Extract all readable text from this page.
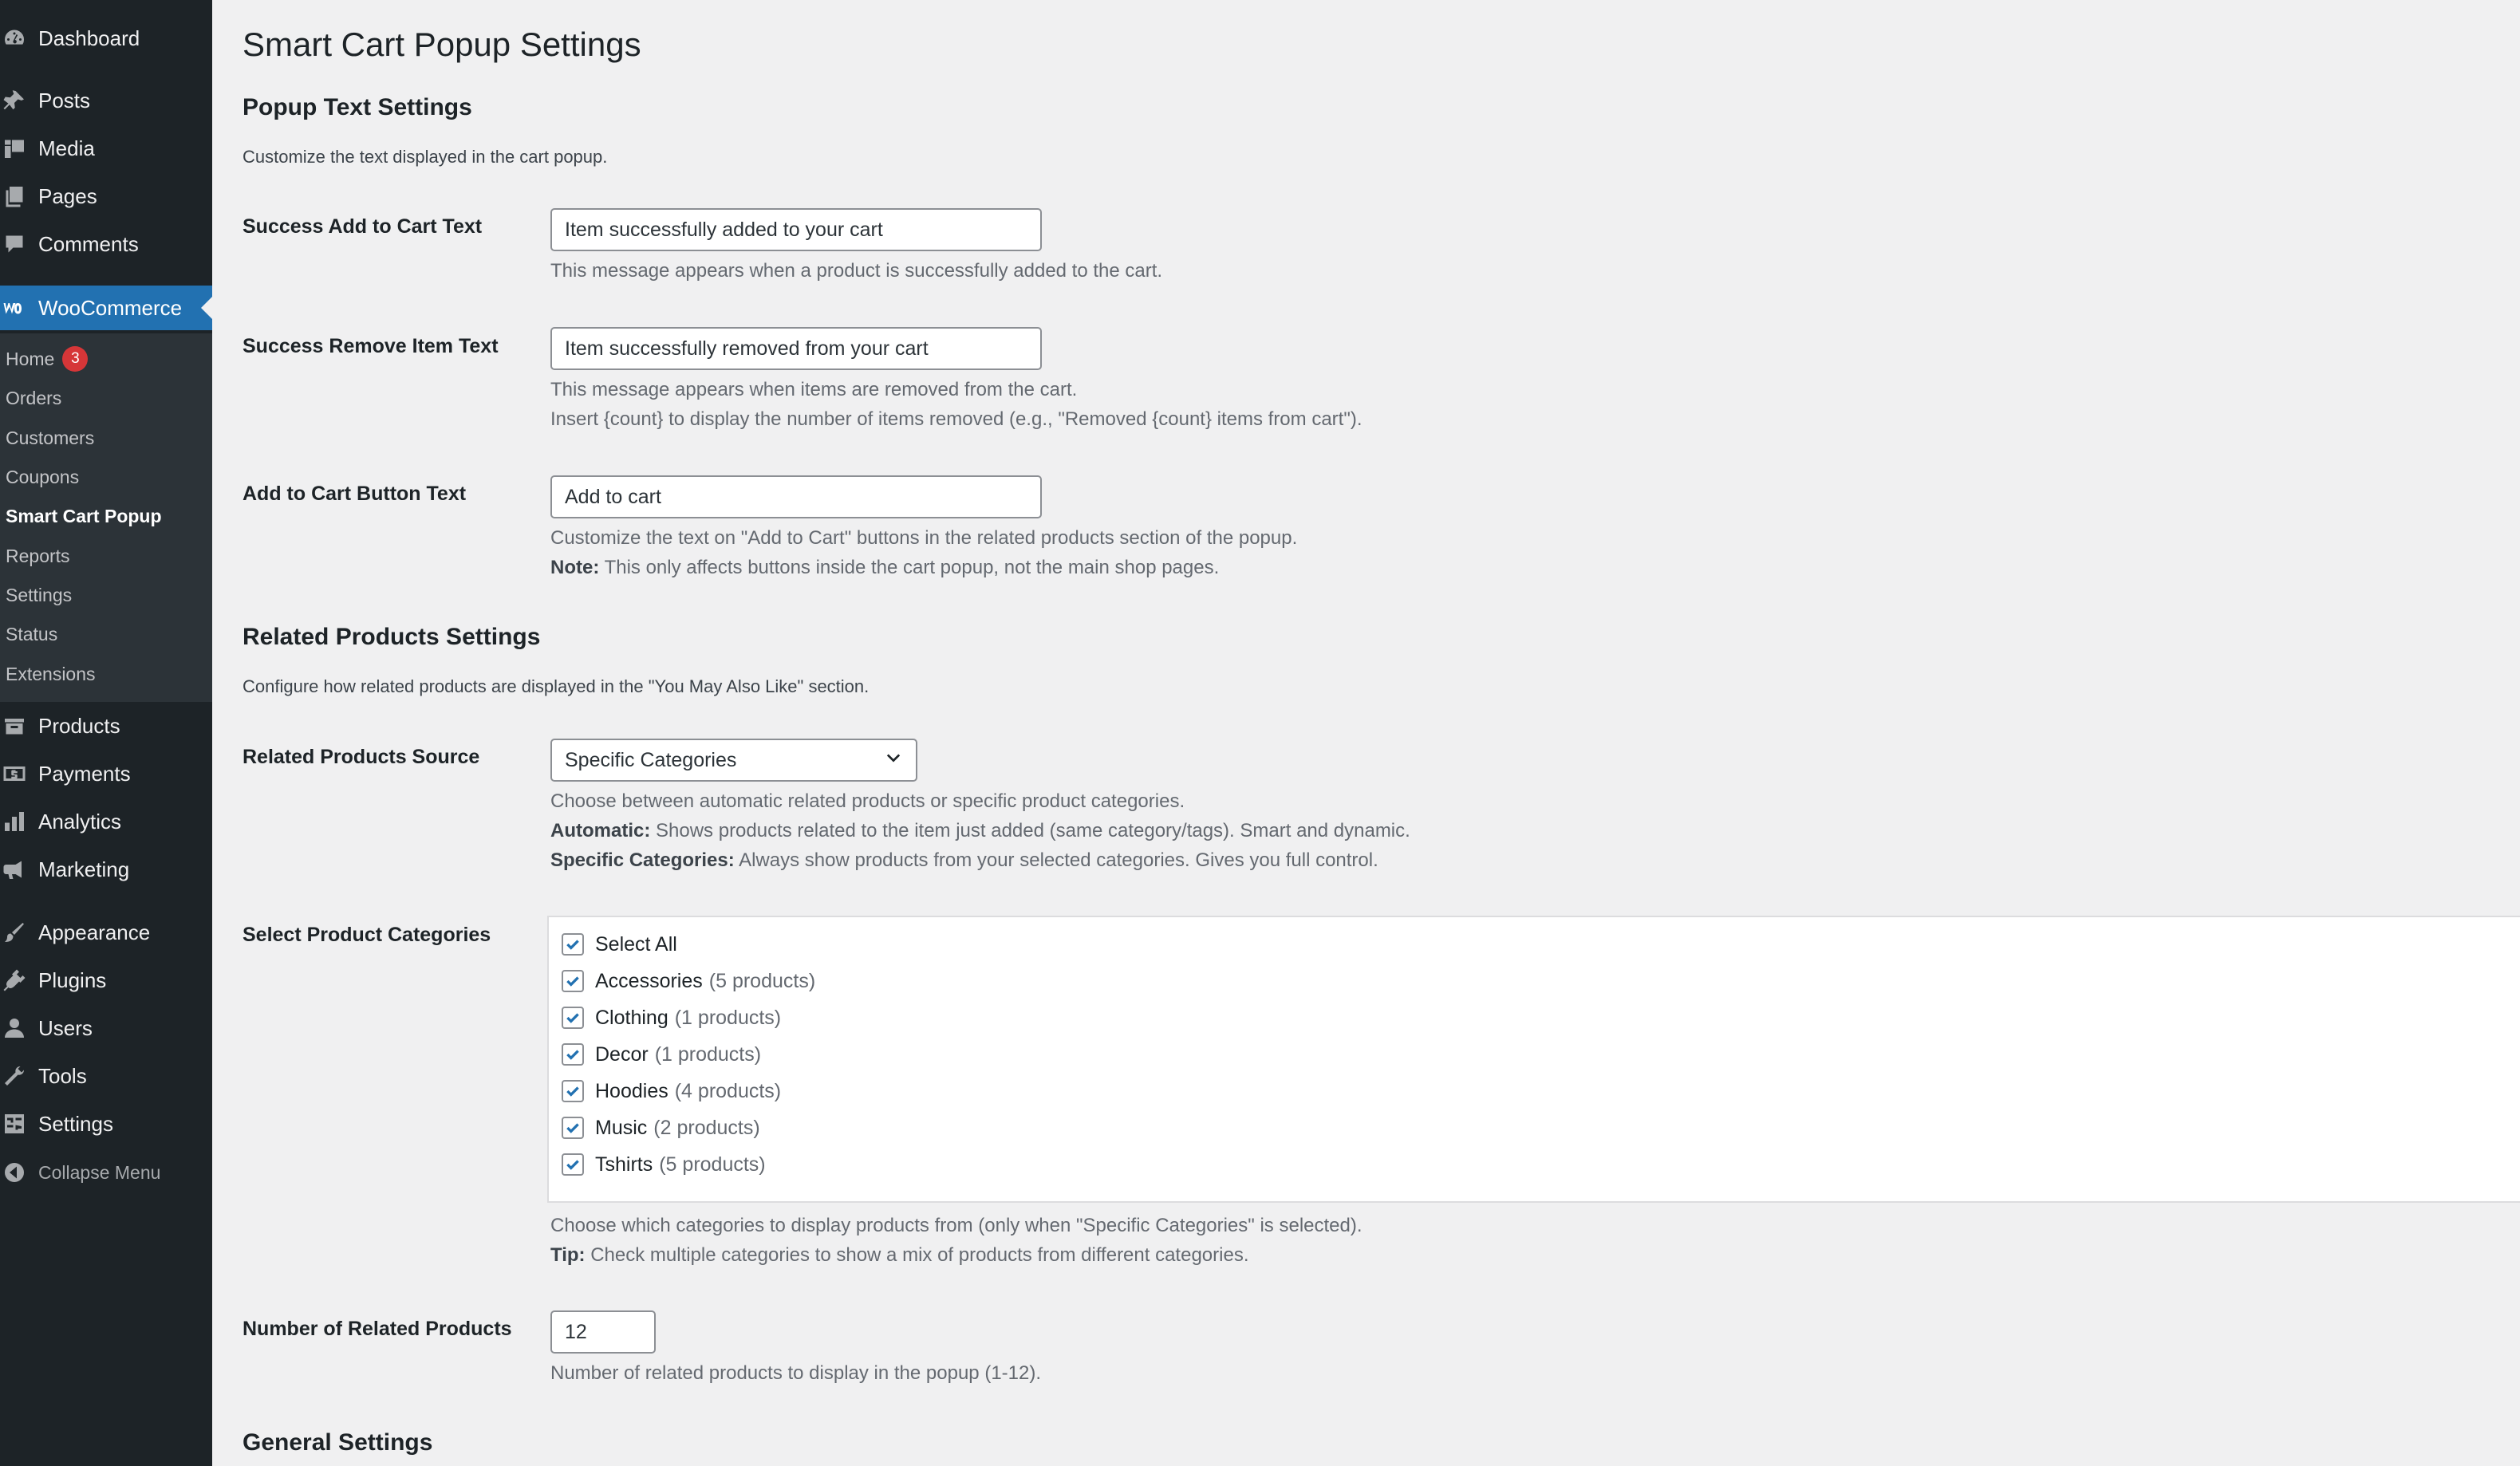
Dashboard
Posts
Media
Pages
Comments
WooCommerce
Home	3
Orders
Customers
Coupons
Smart Cart Popup
Reports
Settings
Status
Extensions
Products
Payments
Analytics
Marketing
Appearance
Plugins
Users
Tools
Settings
Collapse Menu
Smart Cart Popup Settings
Popup Text Settings
Customize the text displayed in the cart popup.
Success Add to Cart Text	Item successfully added to your cart
This message appears when a product is successfully added to the cart.
Success Remove Item Text	Item successfully removed from your cart
This message appears when items are removed from the cart.
Insert {count} to display the number of items removed (e.g., "Removed {count} items from cart").
Add to Cart Button Text	Add to cart
Customize the text on "Add to Cart" buttons in the related products section of the popup.
Note: This only affects buttons inside the cart popup, not the main shop pages.
Related Products Settings
Configure how related products are displayed in the "You May Also Like" section.
Related Products Source	Specific Categories
Choose between automatic related products or specific product categories.
Automatic: Shows products related to the item just added (same category/tags). Smart and dynamic.
Specific Categories: Always show products from your selected categories. Gives you full control.
Select Product Categories	Select All
Accessories (5 products)
Clothing (1 products)
Decor (1 products)
Hoodies (4 products)
Music (2 products)
Tshirts (5 products)
Choose which categories to display products from (only when "Specific Categories" is selected).
Tip: Check multiple categories to show a mix of products from different categories.
Number of Related Products	12
Number of related products to display in the popup (1-12).
General Settings
